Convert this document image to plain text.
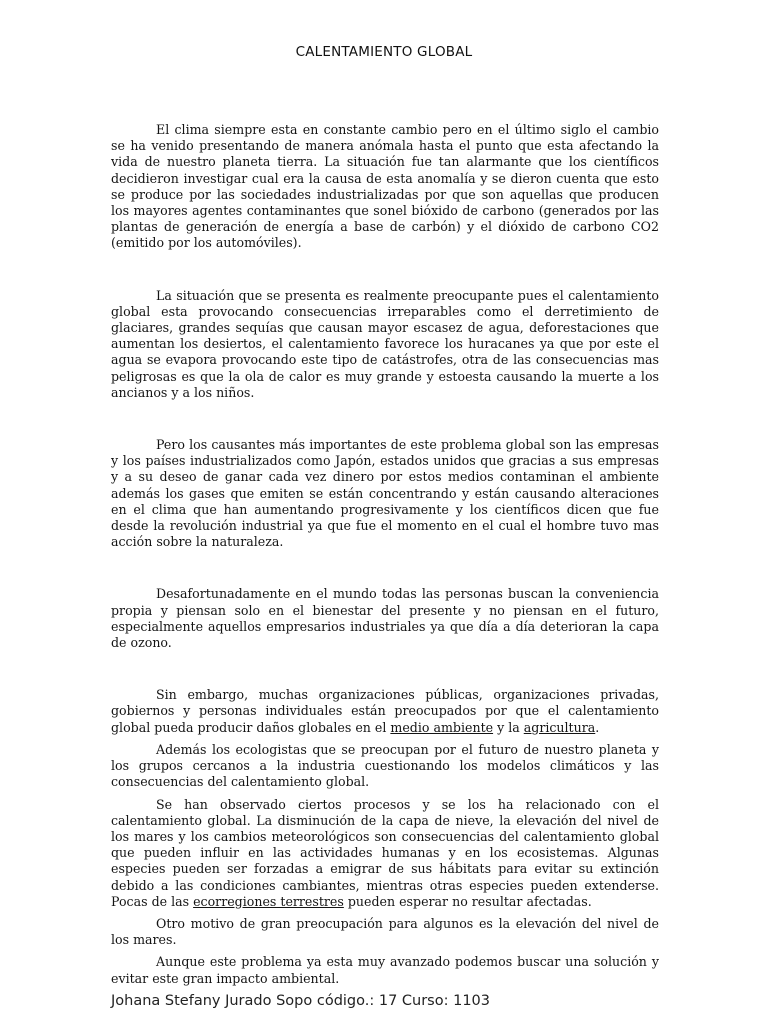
CALENTAMIENTO GLOBAL

El clima siempre esta en constante cambio pero en el último siglo el cambio se ha venido presentando de manera anómala hasta el punto que esta afectando la vida de nuestro planeta tierra. La situación fue tan alarmante que los científicos decidieron investigar cual era la causa de esta anomalía y se dieron cuenta que esto se produce por las sociedades industrializadas por que son aquellas que producen los mayores agentes contaminantes que sonel bióxido de carbono (generados por las plantas de generación de energía a base de carbón) y el dióxido de carbono CO2 (emitido por los automóviles).

La situación que se presenta es realmente preocupante pues el calentamiento global esta provocando consecuencias irreparables como el derretimiento de glaciares, grandes sequías que causan mayor escasez de agua, deforestaciones que aumentan los desiertos, el calentamiento favorece los huracanes ya que por este el agua se evapora provocando este tipo de catástrofes, otra de las consecuencias mas peligrosas es que la ola de calor es muy grande y estoesta causando la muerte a los ancianos y a los niños.

Pero los causantes más importantes de este problema global son las empresas y los países industrializados como Japón, estados unidos que gracias a sus empresas y a su deseo de ganar cada vez dinero por estos medios contaminan el ambiente además los gases que emiten se están concentrando y están causando alteraciones en el clima que han aumentando progresivamente y los científicos dicen que fue desde la revolución industrial ya que fue el momento en el cual el hombre tuvo mas acción sobre la naturaleza.

Desafortunadamente en el mundo todas las personas buscan la conveniencia propia y piensan solo en el bienestar del presente y no piensan en el futuro, especialmente aquellos empresarios industriales ya que día a día deterioran la capa de ozono.

Sin embargo, muchas organizaciones públicas, organizaciones privadas, gobiernos y personas individuales están preocupados por que el calentamiento global pueda producir daños globales en el medio ambiente y la agricultura.

Además los ecologistas que se preocupan por el futuro de nuestro planeta y los grupos cercanos a la industria cuestionando los modelos climáticos y las consecuencias del calentamiento global.

Se han observado ciertos procesos y se los ha relacionado con el calentamiento global. La disminución de la capa de nieve, la elevación del nivel de los mares y los cambios meteorológicos son consecuencias del calentamiento global que pueden influir en las actividades humanas y en los ecosistemas. Algunas especies pueden ser forzadas a emigrar de sus hábitats para evitar su extinción debido a las condiciones cambiantes, mientras otras especies pueden extenderse. Pocas de las ecorregiones terrestres pueden esperar no resultar afectadas.

Otro motivo de gran preocupación para algunos es la elevación del nivel de los mares.

Aunque este problema ya esta muy avanzado podemos buscar una solución y evitar este gran impacto ambiental.

Johana Stefany Jurado Sopo código.: 17 Curso: 1103
